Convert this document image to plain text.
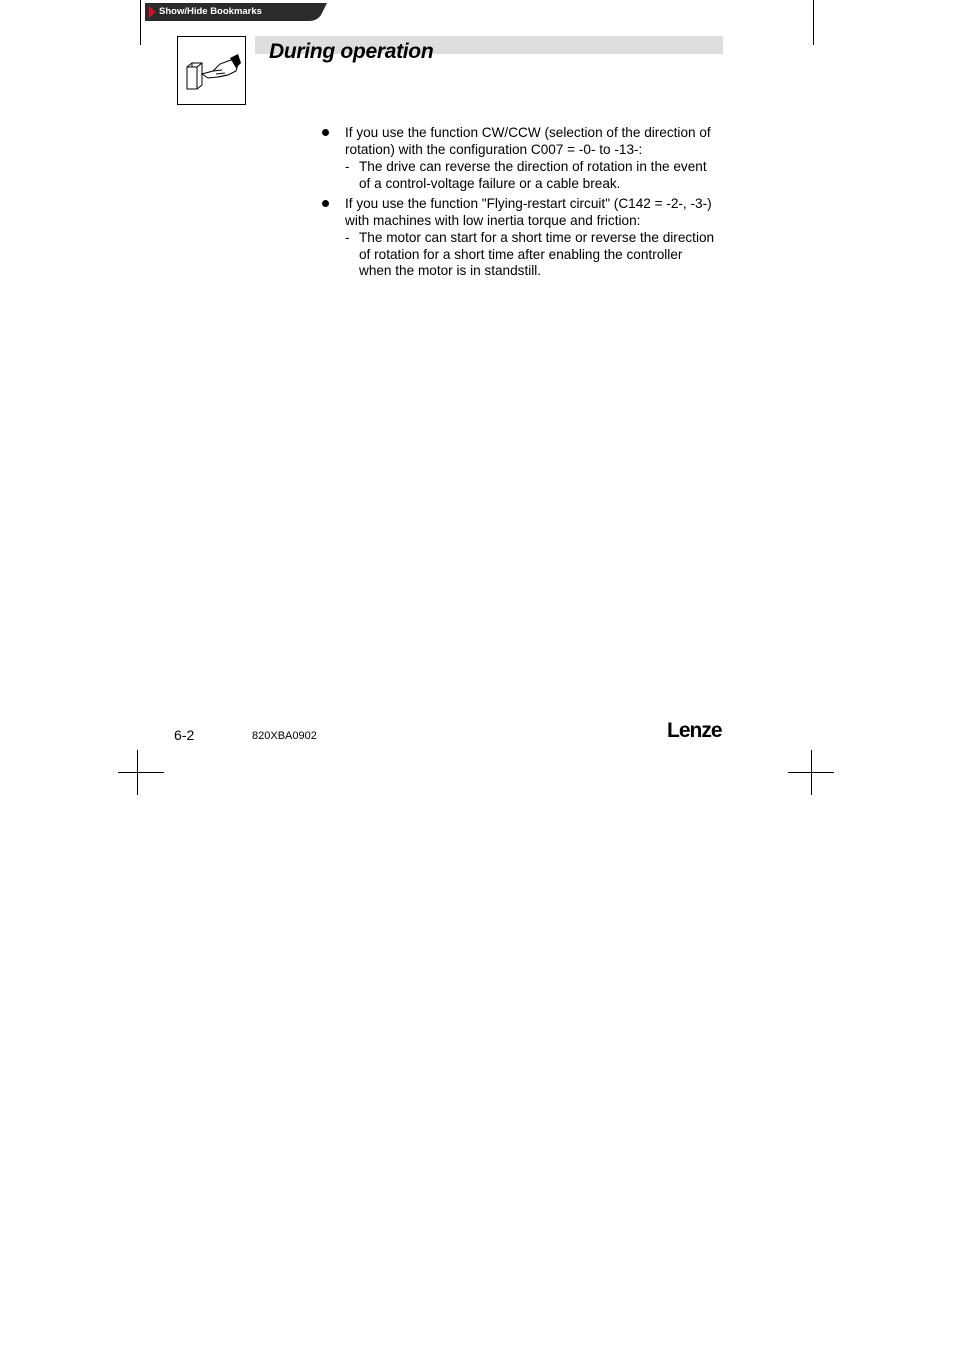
Show/Hide Bookmarks
During operation
If you use the function CW/CCW (selection of the direction of
rotation) with the configuration C007 = -0- to -13-:
- The drive can reverse the direction of rotation in the event
of a control-voltage failure or a cable break.
If you use the function "Flying-restart circuit" (C142 = -2-, -3-)
with machines with low inertia torque and friction:
- The motor can start for a short time or reverse the direction
of rotation for a short time after enabling the controller
when the motor is in standstill.
6-2	820XBA0902	Lenze
